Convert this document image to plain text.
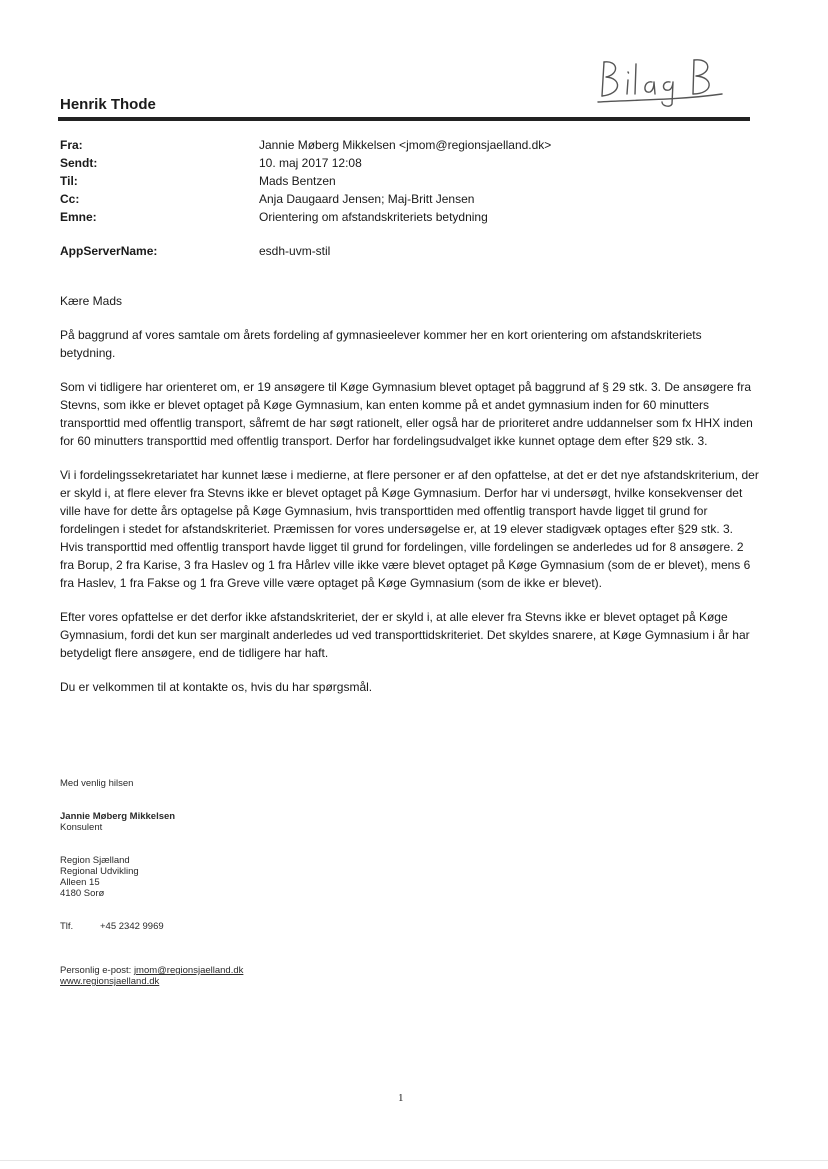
Henrik Thode
Fra:	Jannie Møberg Mikkelsen <jmom@regionsjaelland.dk>
Sendt:	10. maj 2017 12:08
Til:	Mads Bentzen
Cc:	Anja Daugaard Jensen; Maj-Britt Jensen
Emne:	Orientering om afstandskriteriets betydning
AppServerName:	esdh-uvm-stil

Kære Mads

På baggrund af vores samtale om årets fordeling af gymnasieelever kommer her en kort orientering om afstandskriteriets betydning.

Som vi tidligere har orienteret om, er 19 ansøgere til Køge Gymnasium blevet optaget på baggrund af § 29 stk. 3. De ansøgere fra Stevns, som ikke er blevet optaget på Køge Gymnasium, kan enten komme på et andet gymnasium inden for 60 minutters transporttid med offentlig transport, såfremt de har søgt rationelt, eller også har de prioriteret andre uddannelser som fx HHX inden for 60 minutters transporttid med offentlig transport. Derfor har fordelingsudvalget ikke kunnet optage dem efter §29 stk. 3.

Vi i fordelingssekretariatet har kunnet læse i medierne, at flere personer er af den opfattelse, at det er det nye afstandskriterium, der er skyld i, at flere elever fra Stevns ikke er blevet optaget på Køge Gymnasium. Derfor har vi undersøgt, hvilke konsekvenser det ville have for dette års optagelse på Køge Gymnasium, hvis transporttiden med offentlig transport havde ligget til grund for fordelingen i stedet for afstandskriteriet. Præmissen for vores undersøgelse er, at 19 elever stadigvæk optages efter §29 stk. 3.

Hvis transporttid med offentlig transport havde ligget til grund for fordelingen, ville fordelingen se anderledes ud for 8 ansøgere. 2 fra Borup, 2 fra Karise, 3 fra Haslev og 1 fra Hårlev ville ikke være blevet optaget på Køge Gymnasium (som de er blevet), mens 6 fra Haslev, 1 fra Fakse og 1 fra Greve ville være optaget på Køge Gymnasium (som de ikke er blevet).

Efter vores opfattelse er det derfor ikke afstandskriteriet, der er skyld i, at alle elever fra Stevns ikke er blevet optaget på Køge Gymnasium, fordi det kun ser marginalt anderledes ud ved transporttidskriteriet. Det skyldes snarere, at Køge Gymnasium i år har betydeligt flere ansøgere, end de tidligere har haft.

Du er velkommen til at kontakte os, hvis du har spørgsmål.

Med venlig hilsen
Jannie Møberg Mikkelsen
Konsulent
Region Sjælland
Regional Udvikling
Alleen 15
4180 Sorø
Tlf.	+45 2342 9969
Personlig e-post: jmom@regionsjaelland.dk
www.regionsjaelland.dk
1
